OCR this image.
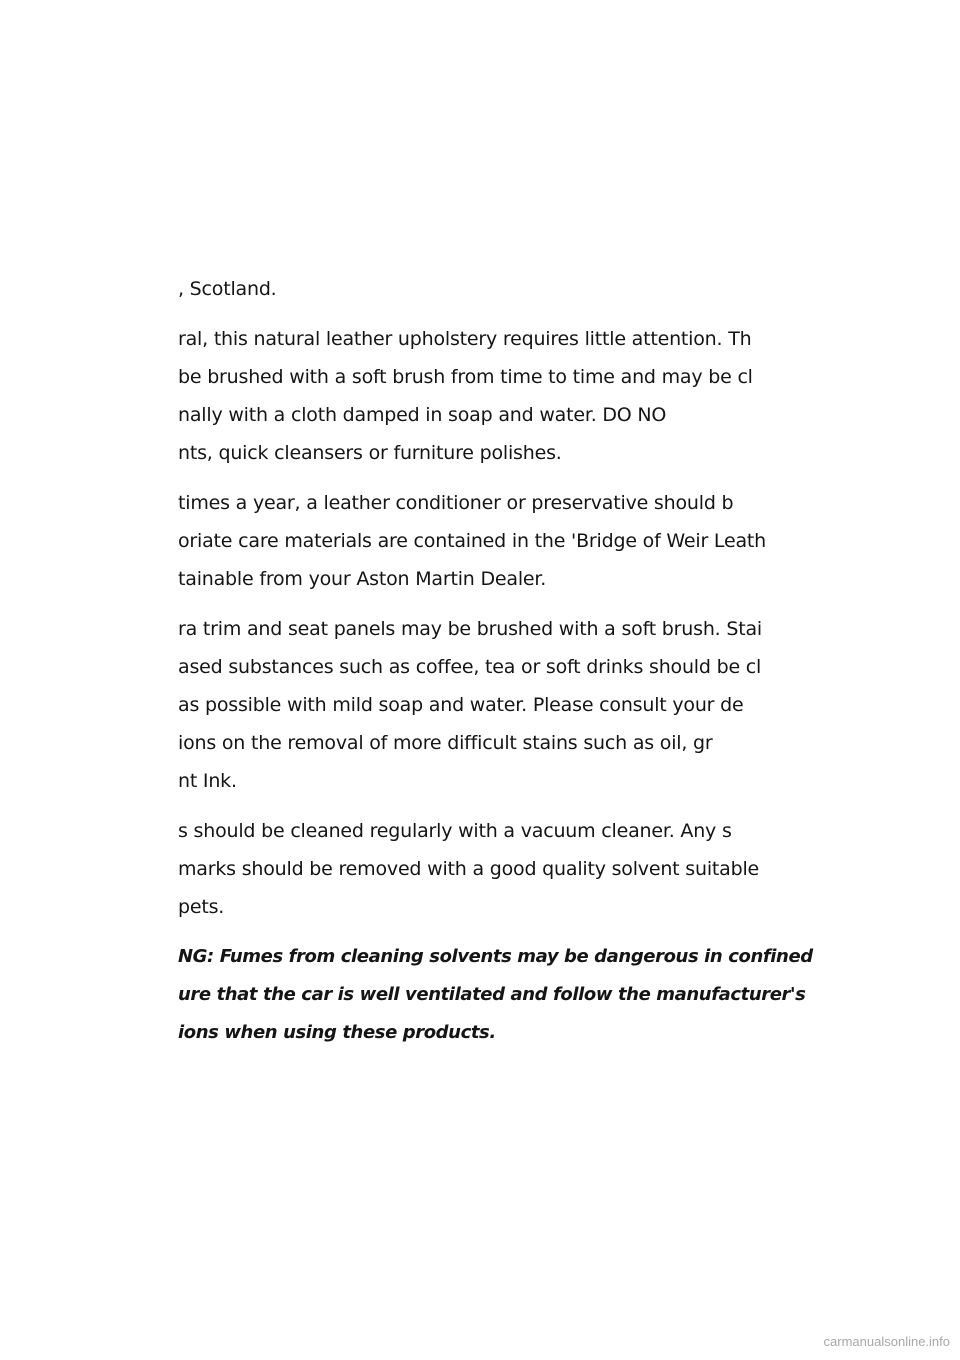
, Scotland.
ral, this natural leather upholstery requires little attention. Th
be brushed with a soft brush from time to time and may be cl
nally with a cloth damped in soap and water. DO NO
nts, quick cleansers or furniture polishes.
times a year, a leather conditioner or preservative should b
oriate care materials are contained in the 'Bridge of Weir Leath
tainable from your Aston Martin Dealer.
ra trim and seat panels may be brushed with a soft brush. Stai
ased substances such as coffee, tea or soft drinks should be cl
as possible with mild soap and water. Please consult your de
ions on the removal of more difficult stains such as oil, gr
nt Ink.
s should be cleaned regularly with a vacuum cleaner. Any s
marks should be removed with a good quality solvent suitable
pets.
NG: Fumes from cleaning solvents may be dangerous in confined
ure that the car is well ventilated and follow the manufacturer's
ions when using these products.
carmanualsonline.info
